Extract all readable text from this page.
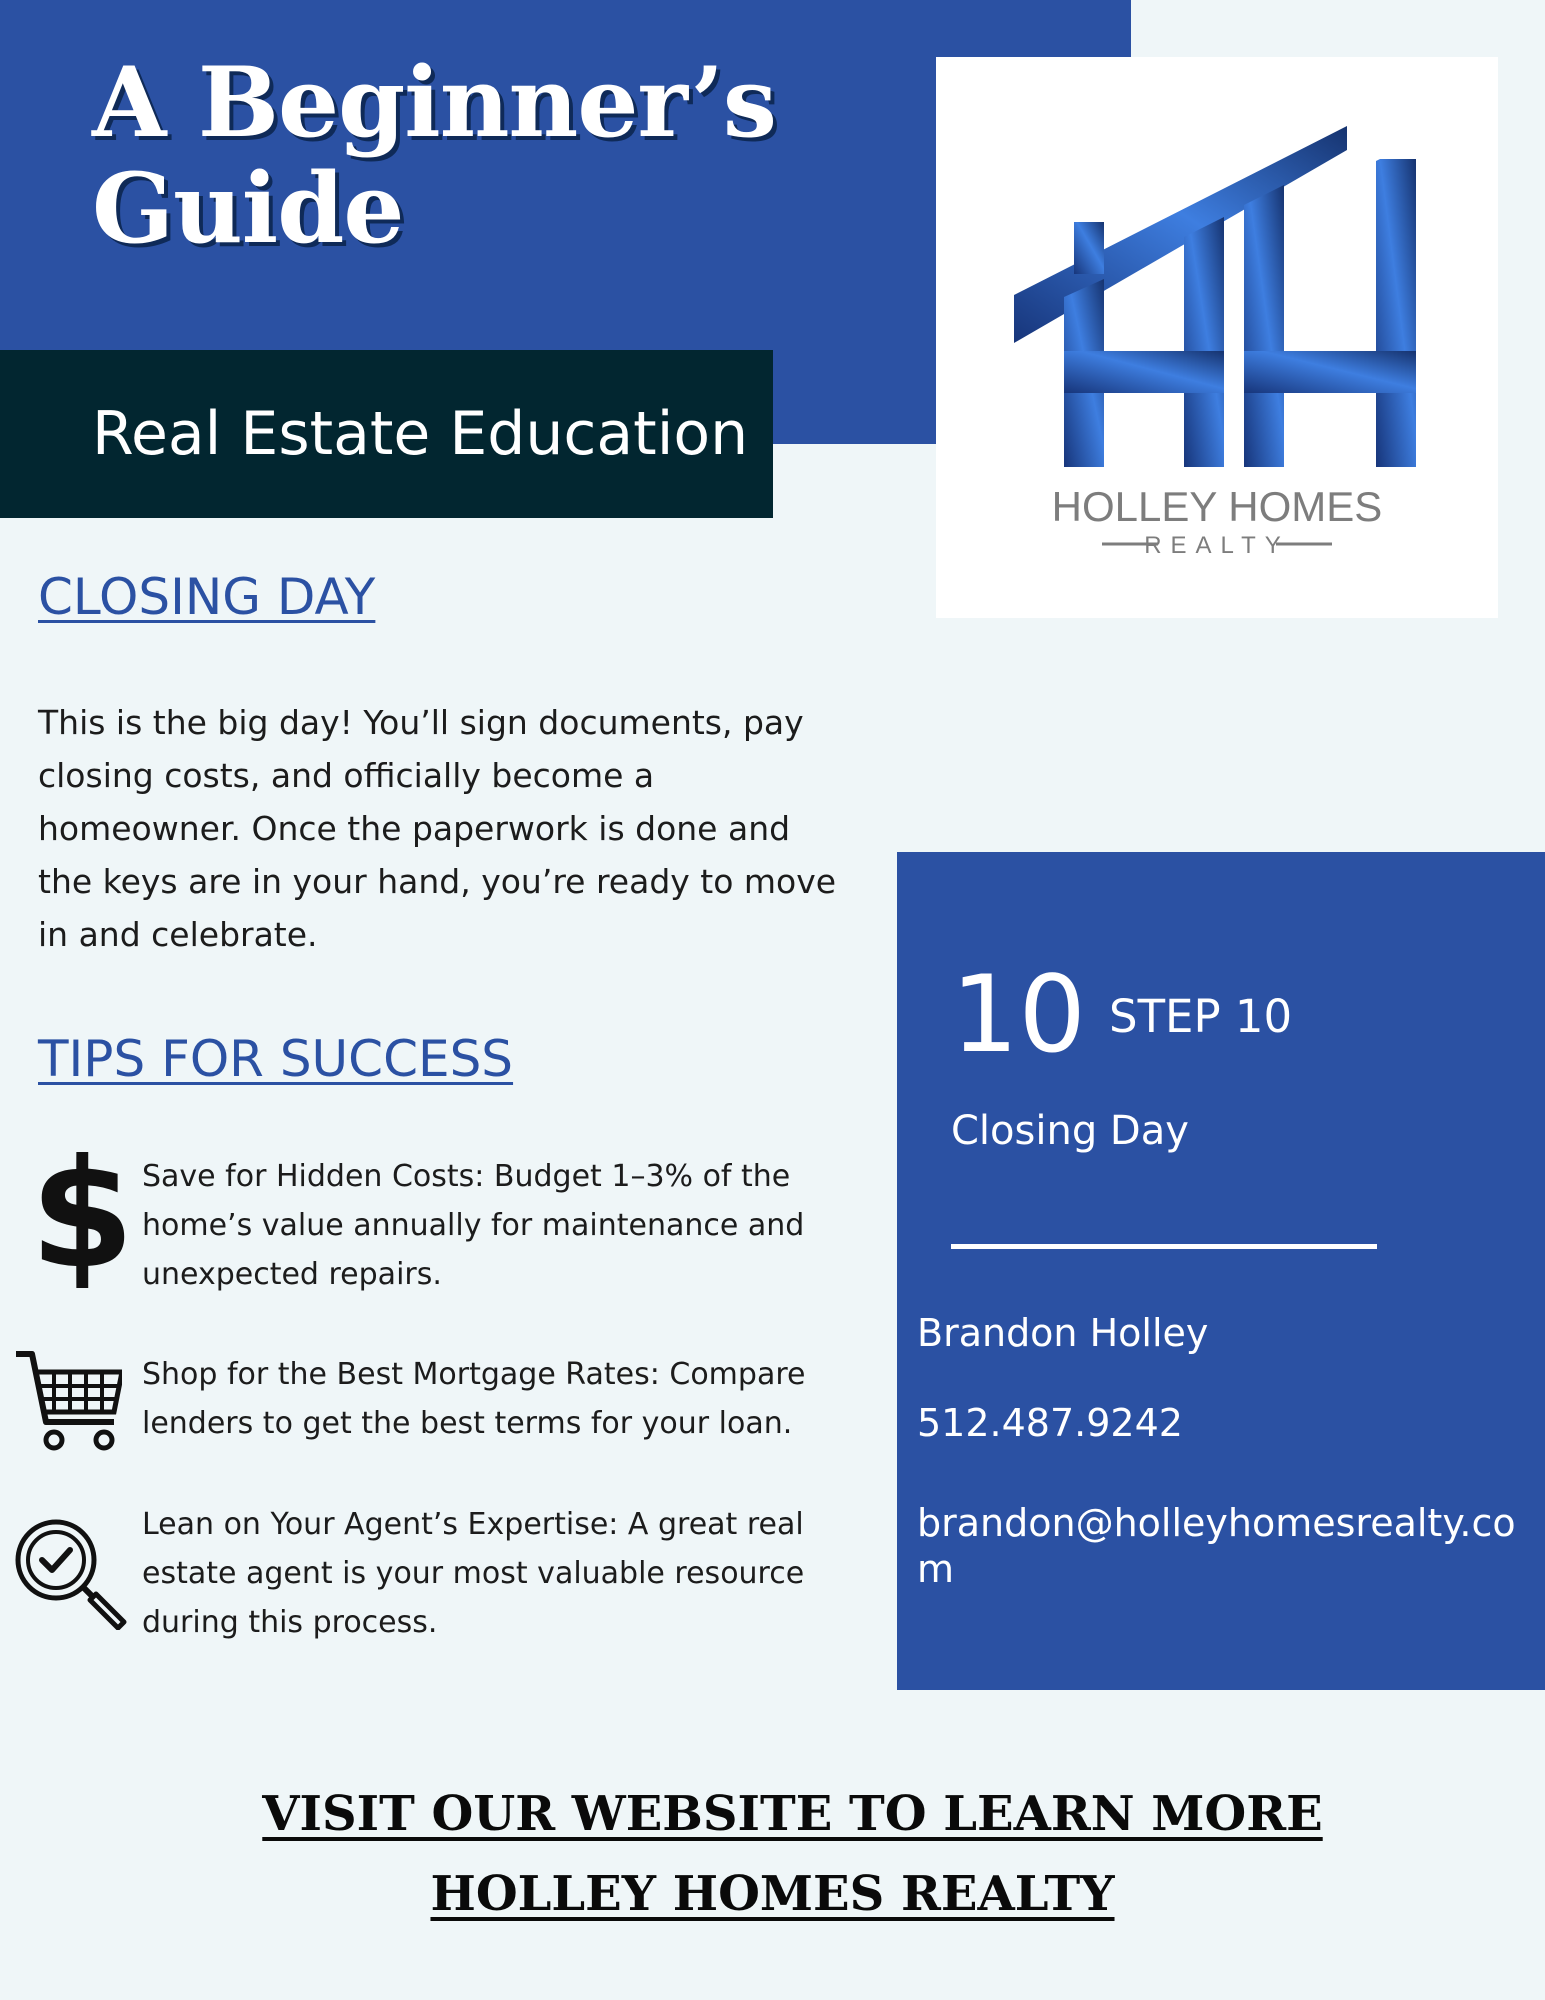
A Beginner’s
Guide
Real Estate Education
HOLLEY HOMES
REALTY
CLOSING DAY

This is the big day! You’ll sign documents, pay closing costs, and officially become a homeowner. Once the paperwork is done and the keys are in your hand, you’re ready to move in and celebrate.

TIPS FOR SUCCESS
$ Save for Hidden Costs: Budget 1–3% of the home’s value annually for maintenance and unexpected repairs.

Shop for the Best Mortgage Rates: Compare lenders to get the best terms for your loan.

Lean on Your Agent’s Expertise: A great real estate agent is your most valuable resource during this process.

10 STEP 10
Closing Day
Brandon Holley
512.487.9242
brandon@holleyhomesrealty.com

VISIT OUR WEBSITE TO LEARN MORE

HOLLEY HOMES REALTY
